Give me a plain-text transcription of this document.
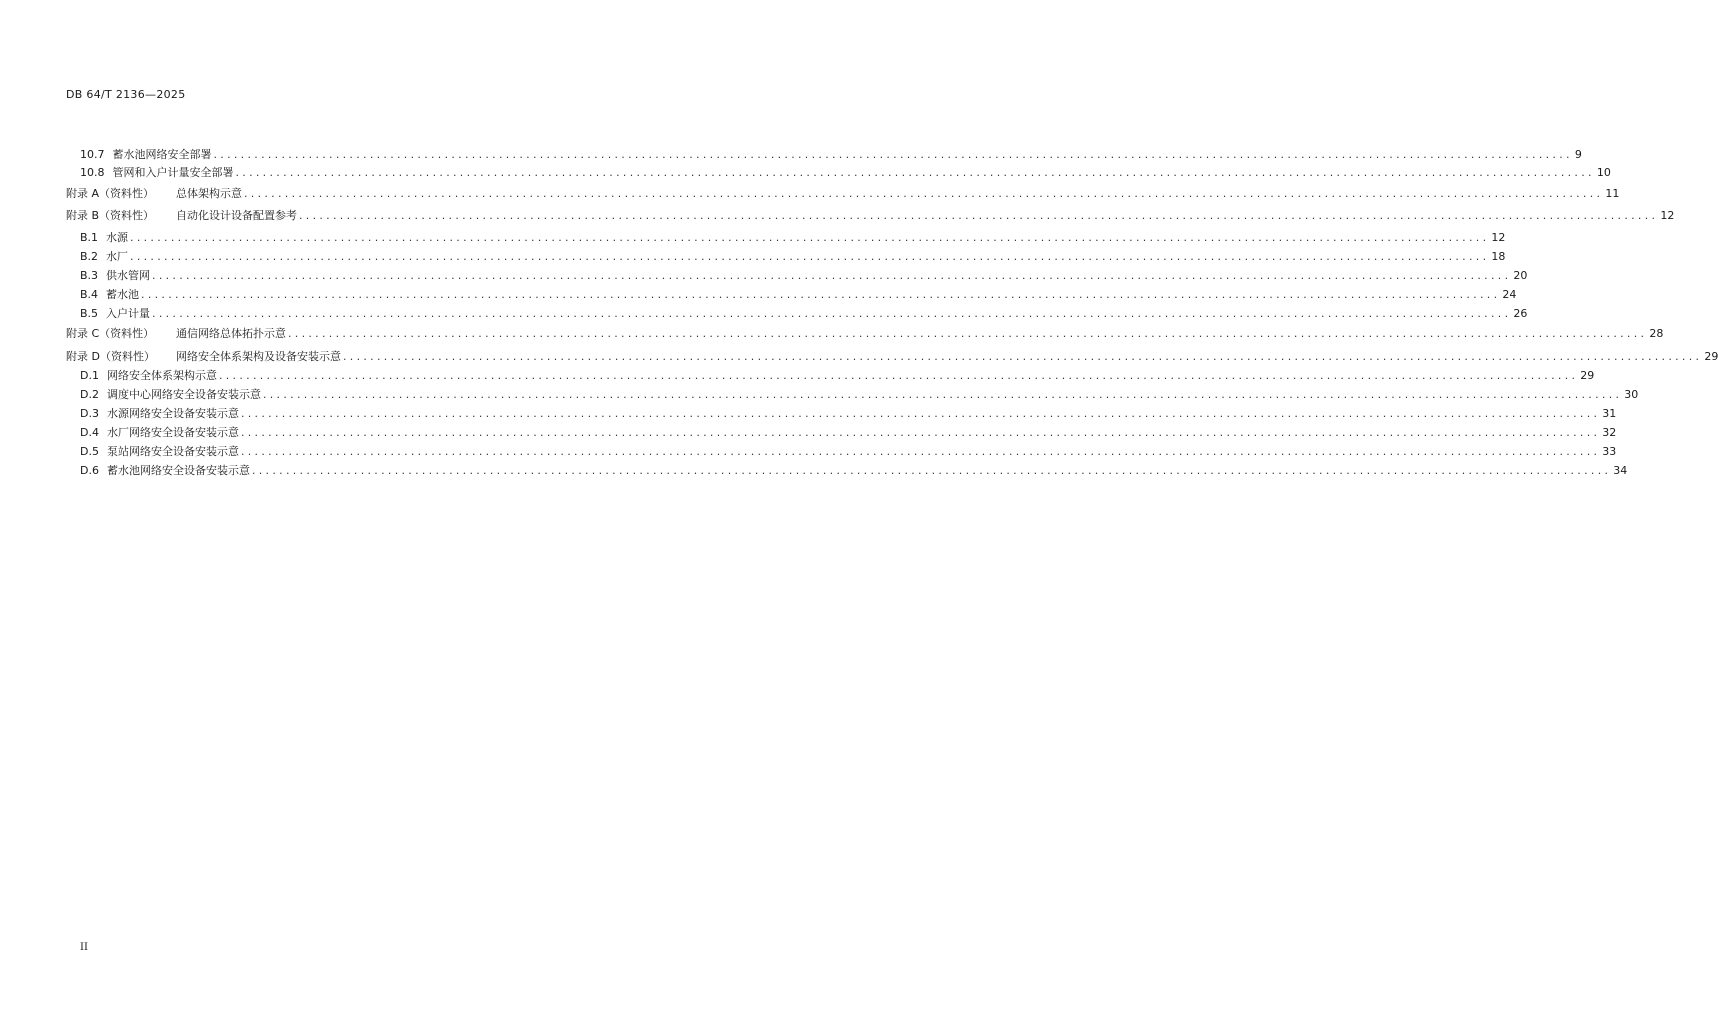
DB 64/T 2136—2025
10.7 蓄水池网络安全部署 ........................................................................................................................................................................................................ 9
10.8 管网和入户计量安全部署 ........................................................................................................................................................................................................ 10
附录 A（资料性） 总体架构示意 ........................................................................................................................................................................................................ 11
附录 B（资料性） 自动化设计设备配置参考 ........................................................................................................................................................................................................ 12
B.1 水源 ........................................................................................................................................................................................................ 12
B.2 水厂 ........................................................................................................................................................................................................ 18
B.3 供水管网 ........................................................................................................................................................................................................ 20
B.4 蓄水池 ........................................................................................................................................................................................................ 24
B.5 入户计量 ........................................................................................................................................................................................................ 26
附录 C（资料性） 通信网络总体拓扑示意 ........................................................................................................................................................................................................ 28
附录 D（资料性） 网络安全体系架构及设备安装示意 ........................................................................................................................................................................................................ 29
D.1 网络安全体系架构示意 ........................................................................................................................................................................................................ 29
D.2 调度中心网络安全设备安装示意 ........................................................................................................................................................................................................ 30
D.3 水源网络安全设备安装示意 ........................................................................................................................................................................................................ 31
D.4 水厂网络安全设备安装示意 ........................................................................................................................................................................................................ 32
D.5 泵站网络安全设备安装示意 ........................................................................................................................................................................................................ 33
D.6 蓄水池网络安全设备安装示意 ........................................................................................................................................................................................................ 34
II
